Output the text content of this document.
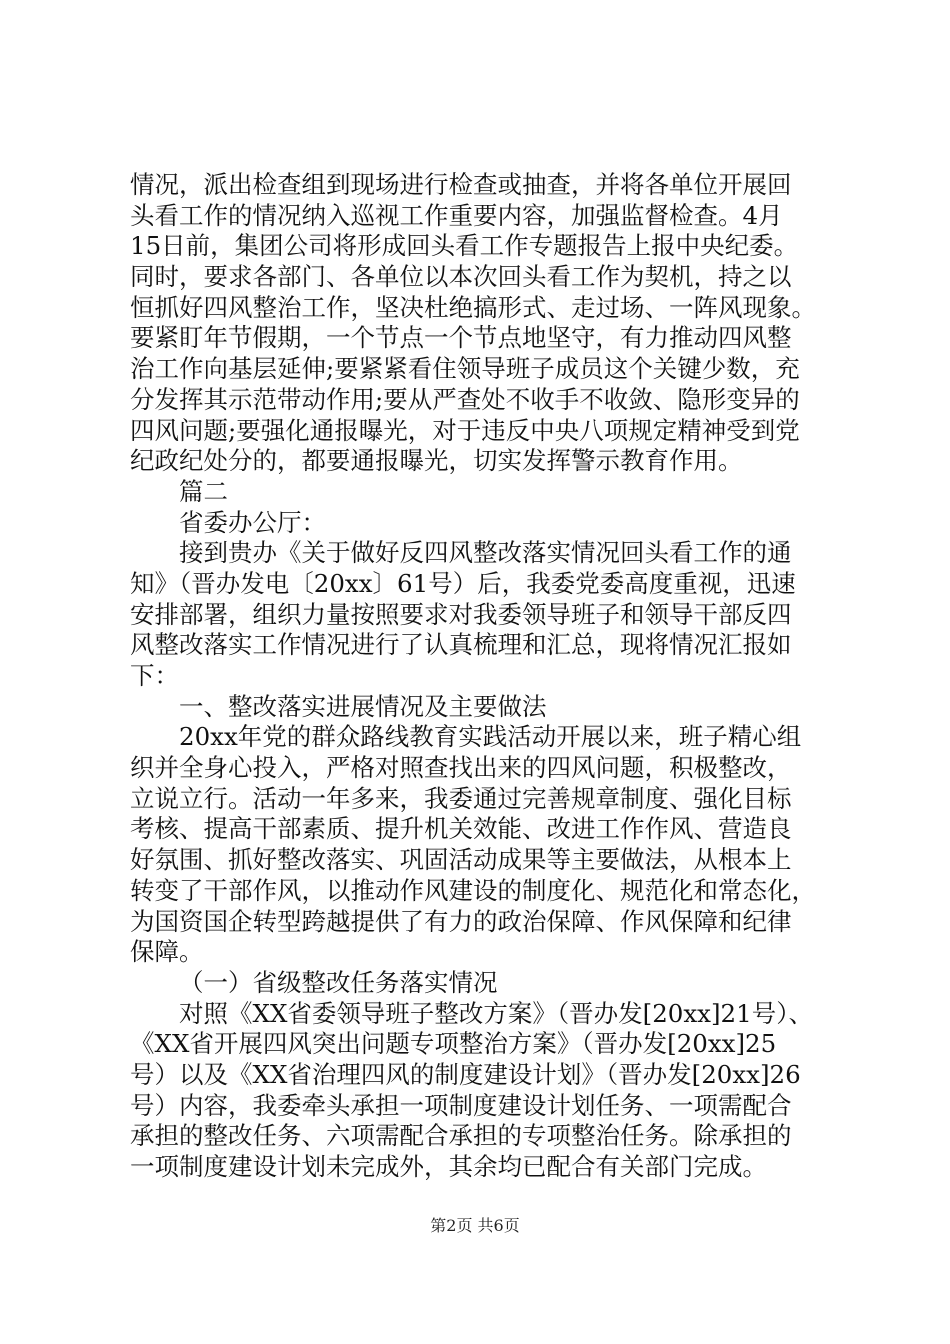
情况，派出检查组到现场进行检查或抽查，并将各单位开展回
头看工作的情况纳入巡视工作重要内容，加强监督检查。4月
15日前，集团公司将形成回头看工作专题报告上报中央纪委。
同时，要求各部门、各单位以本次回头看工作为契机，持之以
恒抓好四风整治工作，坚决杜绝搞形式、走过场、一阵风现象。
要紧盯年节假期，一个节点一个节点地坚守，有力推动四风整
治工作向基层延伸;要紧紧看住领导班子成员这个关键少数，充
分发挥其示范带动作用;要从严查处不收手不收敛、隐形变异的
四风问题;要强化通报曝光，对于违反中央八项规定精神受到党
纪政纪处分的，都要通报曝光，切实发挥警示教育作用。
篇二
省委办公厅：
接到贵办《关于做好反四风整改落实情况回头看工作的通
知》（晋办发电〔20xx〕61号）后，我委党委高度重视，迅速
安排部署，组织力量按照要求对我委领导班子和领导干部反四
风整改落实工作情况进行了认真梳理和汇总，现将情况汇报如
下：
一、整改落实进展情况及主要做法
20xx年党的群众路线教育实践活动开展以来，班子精心组
织并全身心投入，严格对照查找出来的四风问题，积极整改，
立说立行。活动一年多来，我委通过完善规章制度、强化目标
考核、提高干部素质、提升机关效能、改进工作作风、营造良
好氛围、抓好整改落实、巩固活动成果等主要做法，从根本上
转变了干部作风，以推动作风建设的制度化、规范化和常态化，
为国资国企转型跨越提供了有力的政治保障、作风保障和纪律
保障。
（一）省级整改任务落实情况
对照《XX省委领导班子整改方案》（晋办发[20xx]21号）、
《XX省开展四风突出问题专项整治方案》（晋办发[20xx]25
号）以及《XX省治理四风的制度建设计划》（晋办发[20xx]26
号）内容，我委牵头承担一项制度建设计划任务、一项需配合
承担的整改任务、六项需配合承担的专项整治任务。除承担的
一项制度建设计划未完成外，其余均已配合有关部门完成。
第2页 共6页
